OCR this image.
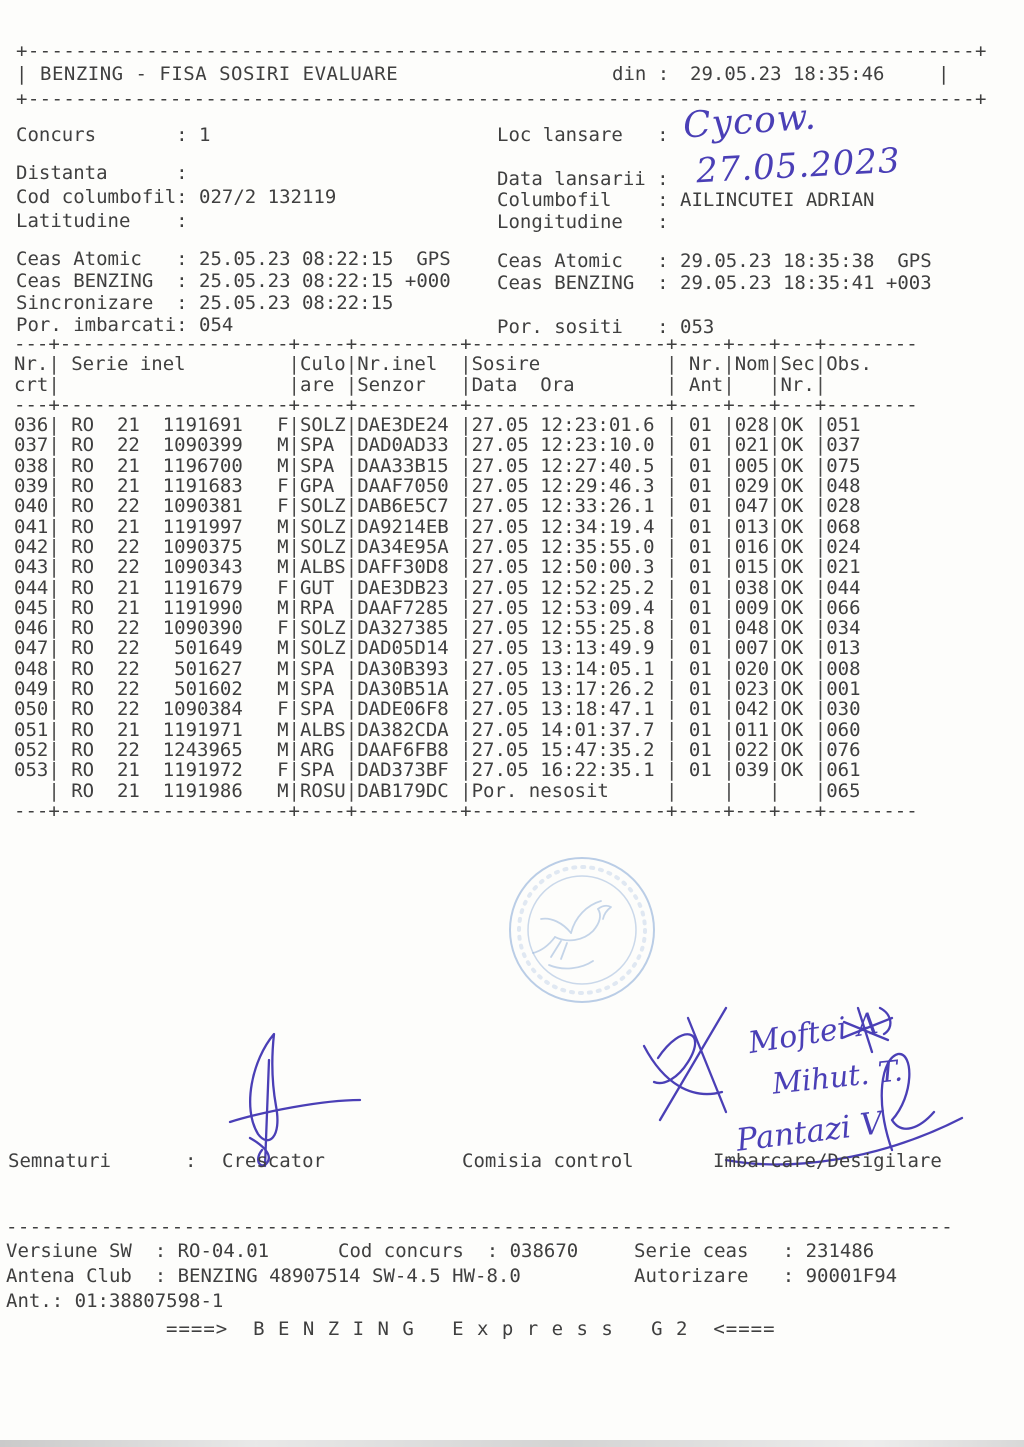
+--------------------------------------------------------------------------------+
| BENZING - FISA SOSIRI EVALUARE	din : 29.05.23 18:35:46	|
+--------------------------------------------------------------------------------+
Concurs	: 1	Loc lansare : Cycow.
Distanta	:
Cod columbofil: 027/2 132119
Latitudine :
Data lansarii : 27.05.2023
Columbofil : AILINCUTEI ADRIAN
Longitudine :
Ceas Atomic : 25.05.23 08:22:15  GPS Ceas Atomic : 29.05.23 18:35:38  GPS
Ceas BENZING : 25.05.23 08:22:15 +000 Ceas BENZING : 29.05.23 18:35:41 +003
Sincronizare : 25.05.23 08:22:15
Por. imbarcati: 054	Por. sositi : 053
---+--------------------+----+---------+-----------------+----+---+---+--------
Nr.| Serie inel	|Culo|Nr.inel |Sosire	| Nr.|Nom|Sec|Obs.
crt|	|are |Senzor |Data  Ora	| Ant| |Nr.|
---+--------------------+----+---------+-----------------+----+---+---+--------
036| RO 21 1191691 F|SOLZ|DAE3DE24 |27.05 12:23:01.6 | 01 |028|OK |051
037| RO 22 1090399 M|SPA |DAD0AD33 |27.05 12:23:10.0 | 01 |021|OK |037
038| RO 21 1196700 M|SPA |DAA33B15 |27.05 12:27:40.5 | 01 |005|OK |075
039| RO 21 1191683 F|GPA |DAAF7050 |27.05 12:29:46.3 | 01 |029|OK |048
040| RO 22 1090381 F|SOLZ|DAB6E5C7 |27.05 12:33:26.1 | 01 |047|OK |028
041| RO 21 1191997 M|SOLZ|DA9214EB |27.05 12:34:19.4 | 01 |013|OK |068
042| RO 22 1090375 M|SOLZ|DA34E95A |27.05 12:35:55.0 | 01 |016|OK |024
043| RO 22 1090343 M|ALBS|DAFF30D8 |27.05 12:50:00.3 | 01 |015|OK |021
044| RO 21 1191679 F|GUT |DAE3DB23 |27.05 12:52:25.2 | 01 |038|OK |044
045| RO 21 1191990 M|RPA |DAAF7285 |27.05 12:53:09.4 | 01 |009|OK |066
046| RO 22 1090390 F|SOLZ|DA327385 |27.05 12:55:25.8 | 01 |048|OK |034
047| RO 22 501649 M|SOLZ|DAD05D14 |27.05 13:13:49.9 | 01 |007|OK |013
048| RO 22 501627 M|SPA |DA30B393 |27.05 13:14:05.1 | 01 |020|OK |008
049| RO 22 501602 M|SPA |DA30B51A |27.05 13:17:26.2 | 01 |023|OK |001
050| RO 22 1090384 F|SPA |DADE06F8 |27.05 13:18:47.1 | 01 |042|OK |030
051| RO 21 1191971 M|ALBS|DA382CDA |27.05 14:01:37.7 | 01 |011|OK |060
052| RO 22 1243965 M|ARG |DAAF6FB8 |27.05 15:47:35.2 | 01 |022|OK |076
053| RO 21 1191972 F|SPA |DAD373BF |27.05 16:22:35.1 | 01 |039|OK |061
| RO 21 1191986 M|ROSU|DAB179DC |Por. nesosit	| | | |065
---+--------------------+----+---------+-----------------+----+---+---+--------
Moftei A
Mihut. T.
Pantazi V
Semnaturi	: Crescator	Comisia control	Imbarcare/Desigilare
--------------------------------------------------------------------------------
Versiune SW : RO-04.01	Cod concurs : 038670	Serie ceas : 231486
Antena Club : BENZING 48907514 SW-4.5 HW-8.0	Autorizare : 90001F94
Ant.: 01:38807598-1
====>  B E N Z I N G   E x p r e s s   G 2  <====
